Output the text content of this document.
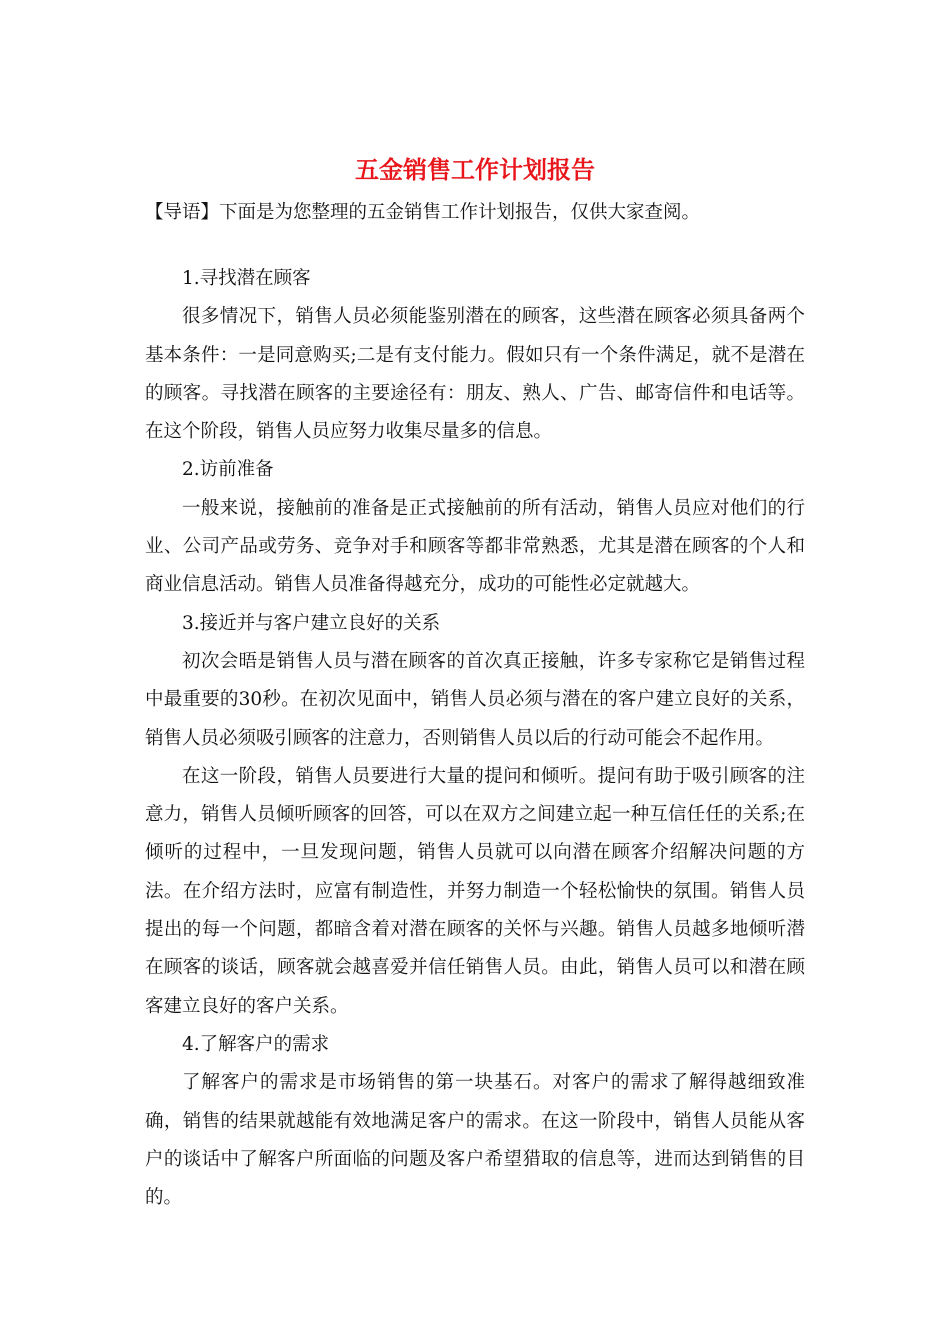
五金销售工作计划报告

【导语】下面是为您整理的五金销售工作计划报告，仅供大家查阅。

1.寻找潜在顾客

很多情况下，销售人员必须能鉴别潜在的顾客，这些潜在顾客必须具备两个基本条件：一是同意购买;二是有支付能力。假如只有一个条件满足，就不是潜在的顾客。寻找潜在顾客的主要途径有：朋友、熟人、广告、邮寄信件和电话等。在这个阶段，销售人员应努力收集尽量多的信息。

2.访前准备

一般来说，接触前的准备是正式接触前的所有活动，销售人员应对他们的行业、公司产品或劳务、竞争对手和顾客等都非常熟悉，尤其是潜在顾客的个人和商业信息活动。销售人员准备得越充分，成功的可能性必定就越大。

3.接近并与客户建立良好的关系

初次会晤是销售人员与潜在顾客的首次真正接触，许多专家称它是销售过程中最重要的30秒。在初次见面中，销售人员必须与潜在的客户建立良好的关系，销售人员必须吸引顾客的注意力，否则销售人员以后的行动可能会不起作用。

在这一阶段，销售人员要进行大量的提问和倾听。提问有助于吸引顾客的注意力，销售人员倾听顾客的回答，可以在双方之间建立起一种互信任任的关系;在倾听的过程中，一旦发现问题，销售人员就可以向潜在顾客介绍解决问题的方法。在介绍方法时，应富有制造性，并努力制造一个轻松愉快的氛围。销售人员提出的每一个问题，都暗含着对潜在顾客的关怀与兴趣。销售人员越多地倾听潜在顾客的谈话，顾客就会越喜爱并信任销售人员。由此，销售人员可以和潜在顾客建立良好的客户关系。

4.了解客户的需求

了解客户的需求是市场销售的第一块基石。对客户的需求了解得越细致准确，销售的结果就越能有效地满足客户的需求。在这一阶段中，销售人员能从客户的谈话中了解客户所面临的问题及客户希望猎取的信息等，进而达到销售的目的。
